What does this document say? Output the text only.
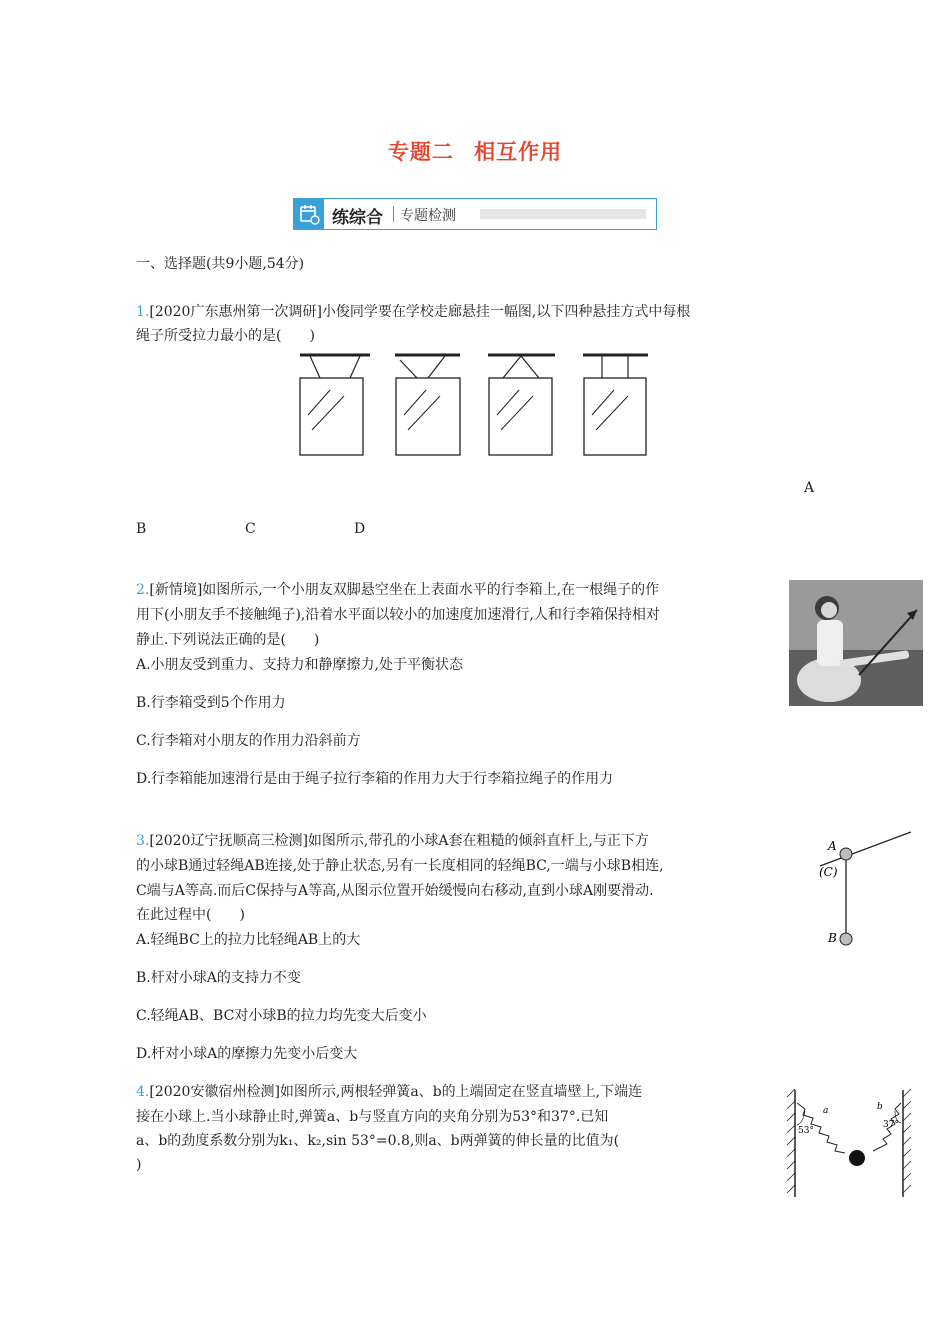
专题二 相互作用
练综合 专题检测
一、选择题(共9小题,54分)
1.[2020广东惠州第一次调研]小俊同学要在学校走廊悬挂一幅图,以下四种悬挂方式中每根
绳子所受拉力最小的是(　　)
A
B	C	D
2.[新情境]如图所示,一个小朋友双脚悬空坐在上表面水平的行李箱上,在一根绳子的作
用下(小朋友手不接触绳子),沿着水平面以较小的加速度加速滑行,人和行李箱保持相对
静止.下列说法正确的是(　　)
A.小朋友受到重力、支持力和静摩擦力,处于平衡状态
B.行李箱受到5个作用力
C.行李箱对小朋友的作用力沿斜前方
D.行李箱能加速滑行是由于绳子拉行李箱的作用力大于行李箱拉绳子的作用力
3.[2020辽宁抚顺高三检测]如图所示,带孔的小球A套在粗糙的倾斜直杆上,与正下方
的小球B通过轻绳AB连接,处于静止状态,另有一长度相同的轻绳BC,一端与小球B相连,
C端与A等高.而后C保持与A等高,从图示位置开始缓慢向右移动,直到小球A刚要滑动.
在此过程中(　　)
A.轻绳BC上的拉力比轻绳AB上的大
B.杆对小球A的支持力不变
C.轻绳AB、BC对小球B的拉力均先变大后变小
D.杆对小球A的摩擦力先变小后变大
A
(C)
B
4.[2020安徽宿州检测]如图所示,两根轻弹簧a、b的上端固定在竖直墙壁上,下端连
接在小球上.当小球静止时,弹簧a、b与竖直方向的夹角分别为53°和37°.已知
a、b的劲度系数分别为k₁、k₂,sin 53°=0.8,则a、b两弹簧的伸长量的比值为(
)
a	b
53°
37°
